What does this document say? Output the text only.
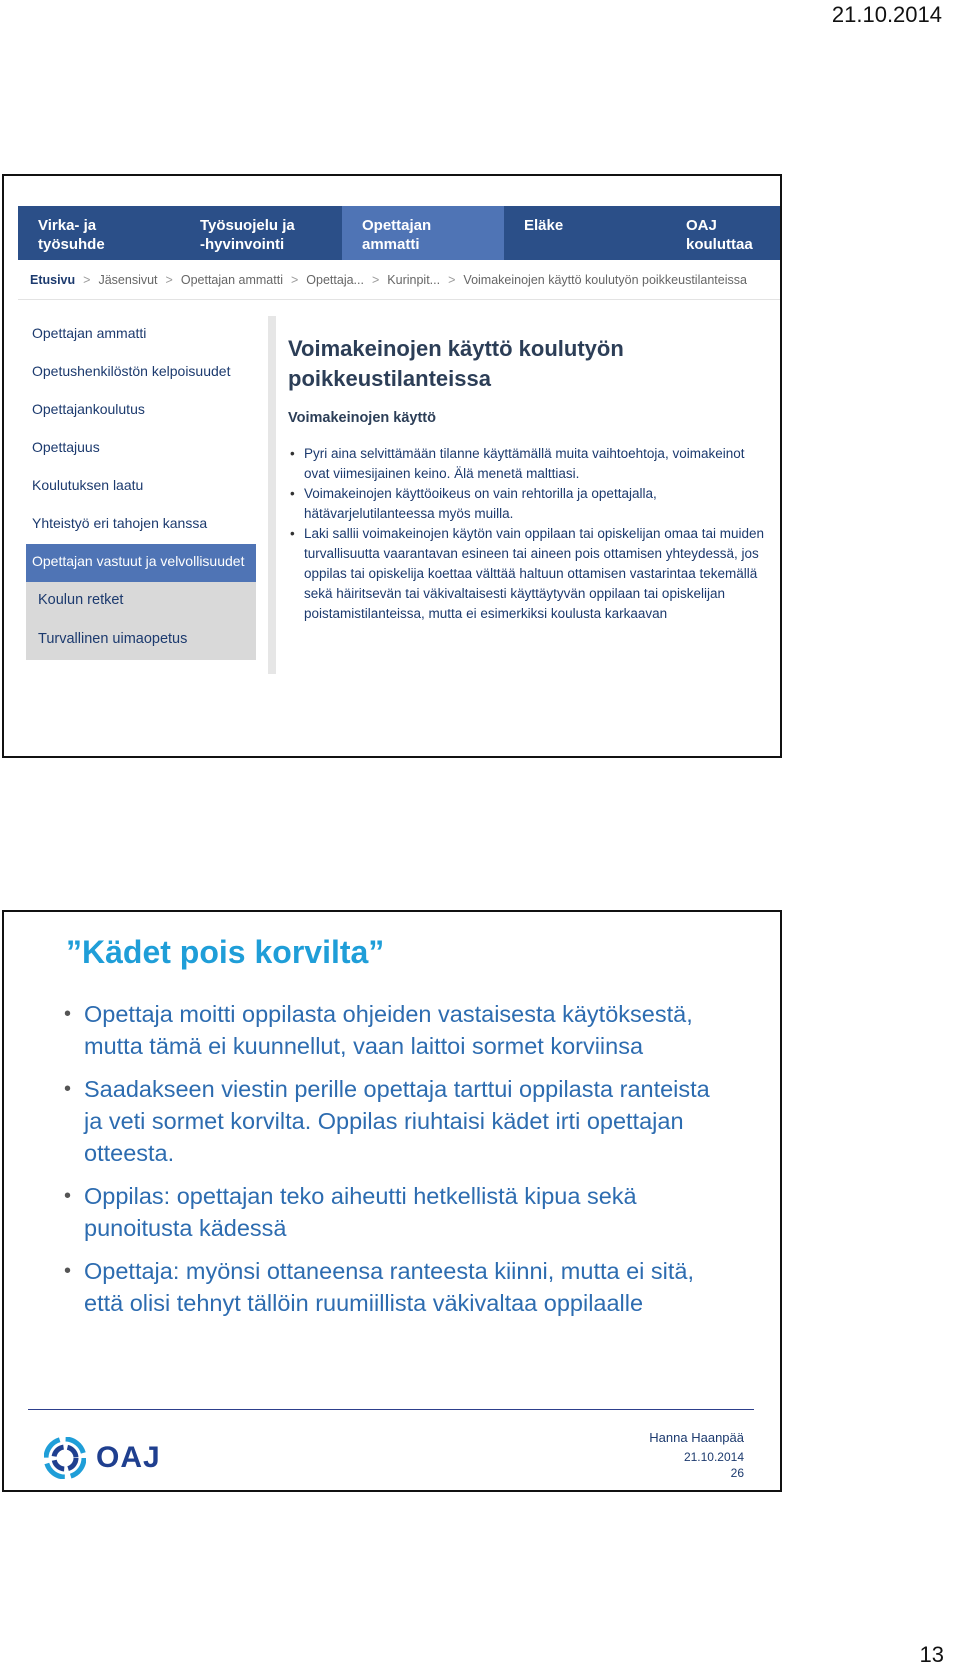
21.10.2014
Virka- ja
työsuhde
Työsuojelu ja
-hyvinvointi
Opettajan
ammatti
Eläke	OAJ kouluttaa
Etusivu > Jäsensivut > Opettajan ammatti > Opettaja... > Kurinpit... > Voimakeinojen käyttö koulutyön poikkeustilanteissa
Opettajan ammatti
Opetushenkilöstön kelpoisuudet
Opettajankoulutus
Opettajuus
Koulutuksen laatu
Yhteistyö eri tahojen kanssa
Opettajan vastuut ja velvollisuudet
Koulun retket
Turvallinen uimaopetus
Voimakeinojen käyttö koulutyön poikkeustilanteissa
Voimakeinojen käyttö
• Pyri aina selvittämään tilanne käyttämällä muita vaihtoehtoja, voimakeinot ovat viimesijainen keino. Älä menetä malttiasi.
• Voimakeinojen käyttöoikeus on vain rehtorilla ja opettajalla, hätävarjelutilanteessa myös muilla.
• Laki sallii voimakeinojen käytön vain oppilaan tai opiskelijan omaa tai muiden turvallisuutta vaarantavan esineen tai aineen pois ottamisen yhteydessä, jos oppilas tai opiskelija koettaa välttää haltuun ottamisen vastarintaa tekemällä sekä häiritsevän tai väkivaltaisesti käyttäytyvän oppilaan tai opiskelijan poistamistilanteissa, mutta ei esimerkiksi koulusta karkaavan
”Kädet pois korvilta”
• Opettaja moitti oppilasta ohjeiden vastaisesta käytöksestä, mutta tämä ei kuunnellut, vaan laittoi sormet korviinsa
• Saadakseen viestin perille opettaja tarttui oppilasta ranteista ja veti sormet korvilta. Oppilas riuhtaisi kädet irti opettajan otteesta.
• Oppilas: opettajan teko aiheutti hetkellistä kipua sekä punoitusta kädessä
• Opettaja: myönsi ottaneensa ranteesta kiinni, mutta ei sitä, että olisi tehnyt tällöin ruumiillista väkivaltaa oppilaalle
OAJ
Hanna Haanpää
21.10.2014
26
13
